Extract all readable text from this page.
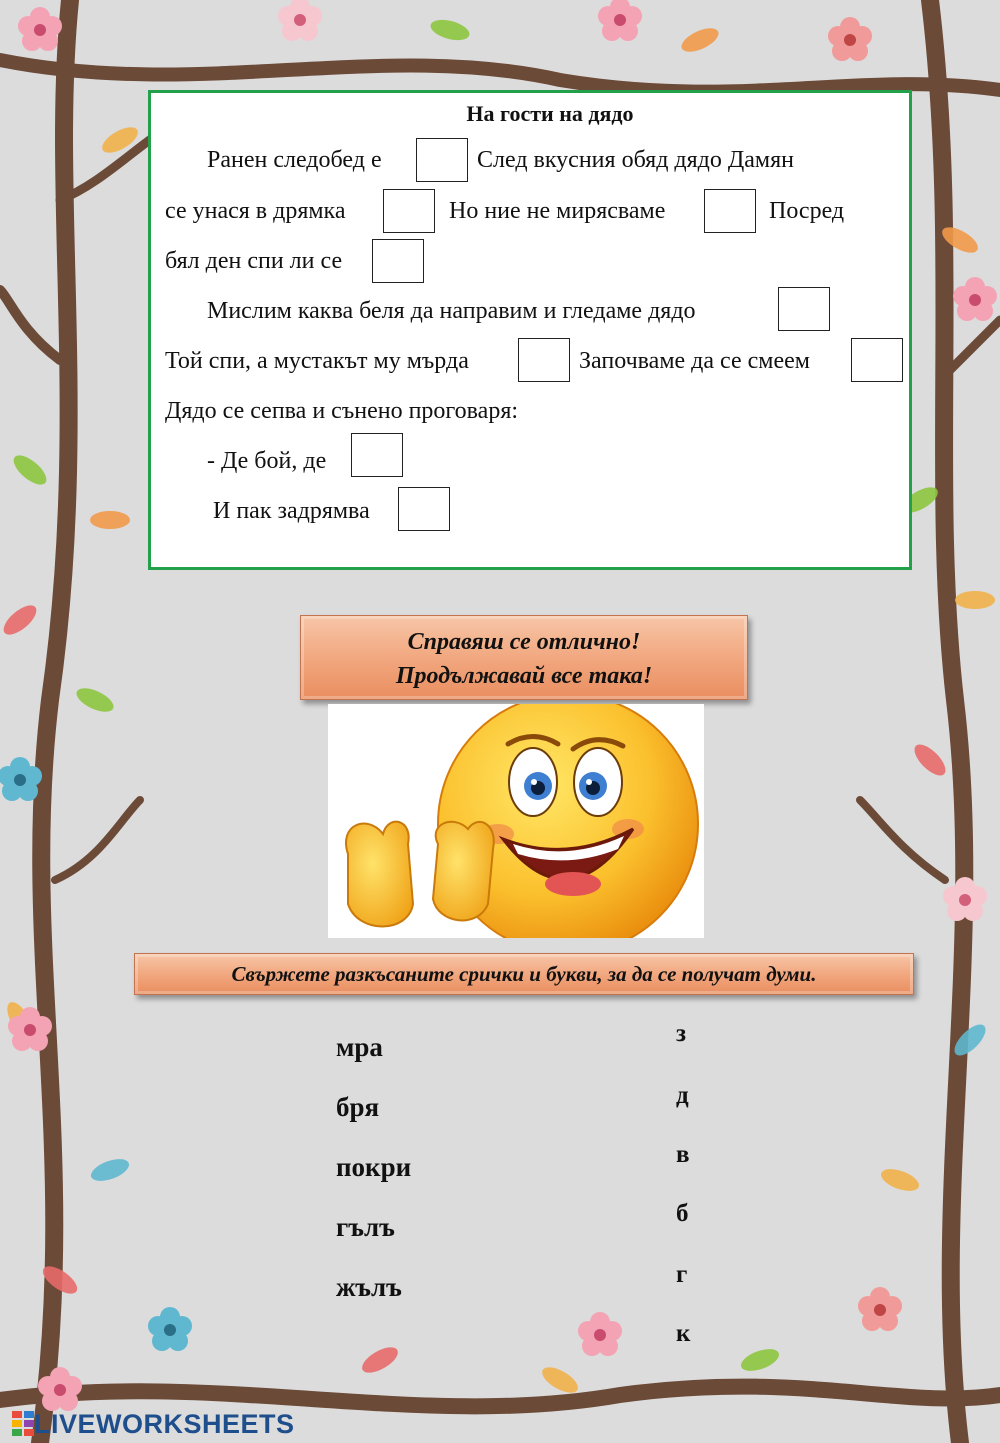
На гости на дядо
Ранен следобед е	След вкусния обяд дядо Дамян
се унася в дрямка	Но ние не мирясваме	Посред
бял ден спи ли се
Мислим каква беля да направим и гледаме дядо
Той спи, а мустакът му мърда	Започваме да се смеем
Дядо се сепва и сънено проговаря:
- Де бой, де
И пак задрямва
Справяш се отлично!
Продължавай все така!
Свържете разкъсаните срички и букви, за да се получат думи.
мра
бря
покри
гълъ
жълъ
з
д
в
б
г
к
LIVEWORKSHEETS
